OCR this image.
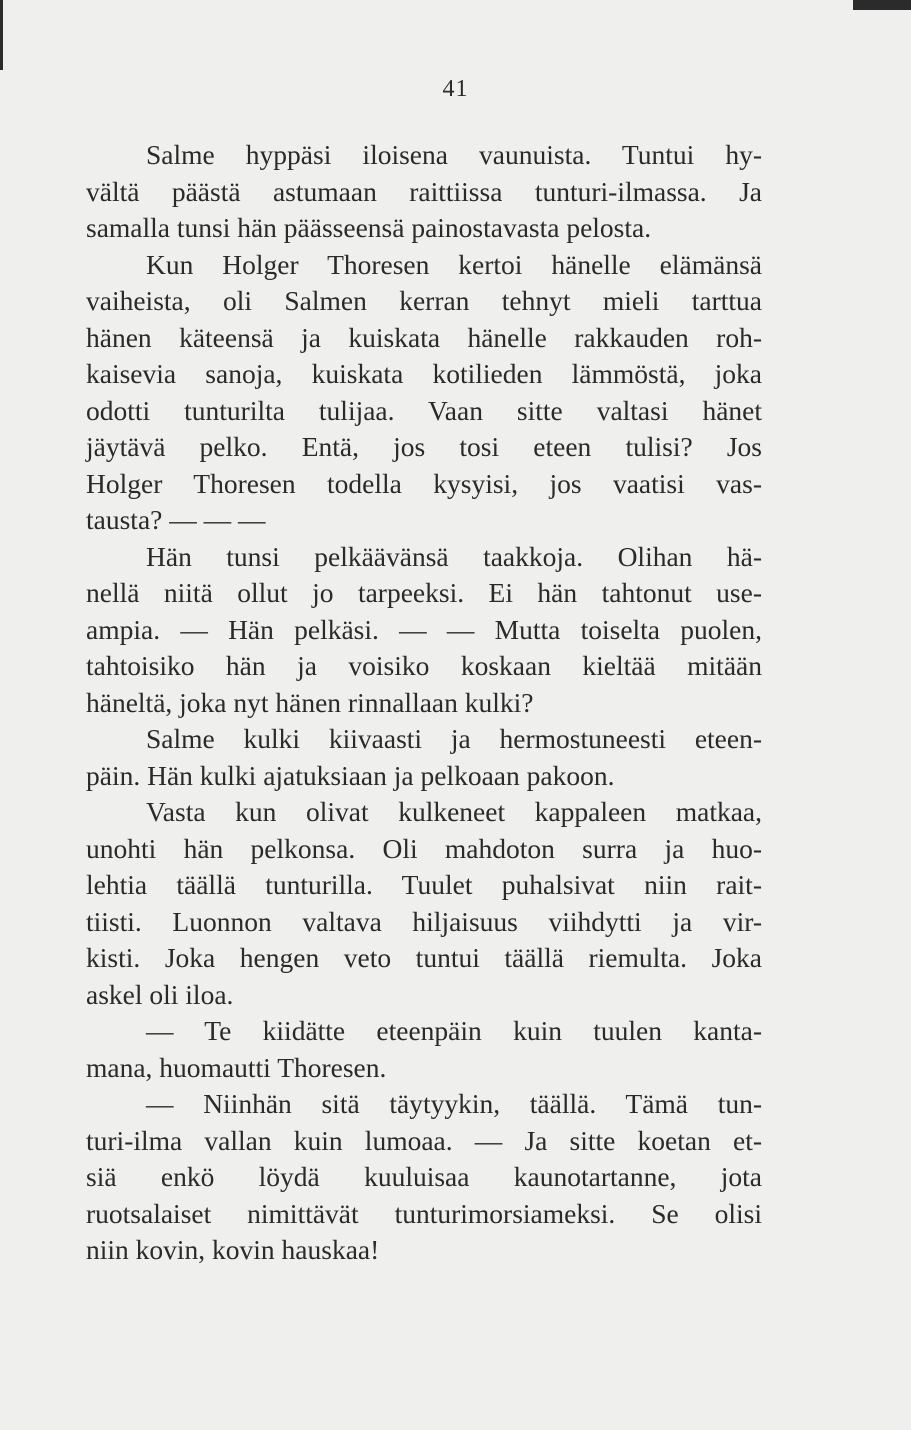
41
Salme hyppäsi iloisena vaunuista. Tuntui hy-
vältä päästä astumaan raittiissa tunturi-ilmassa. Ja
samalla tunsi hän päässeensä painostavasta pelosta.
Kun Holger Thoresen kertoi hänelle elämänsä
vaiheista, oli Salmen kerran tehnyt mieli tarttua
hänen käteensä ja kuiskata hänelle rakkauden roh-
kaisevia sanoja, kuiskata kotilieden lämmöstä, joka
odotti tunturilta tulijaa. Vaan sitte valtasi hänet
jäytävä pelko. Entä, jos tosi eteen tulisi? Jos
Holger Thoresen todella kysyisi, jos vaatisi vas-
tausta? — — —
Hän tunsi pelkäävänsä taakkoja. Olihan hä-
nellä niitä ollut jo tarpeeksi. Ei hän tahtonut use-
ampia. — Hän pelkäsi. — — Mutta toiselta puolen,
tahtoisiko hän ja voisiko koskaan kieltää mitään
häneltä, joka nyt hänen rinnallaan kulki?
Salme kulki kiivaasti ja hermostuneesti eteen-
päin. Hän kulki ajatuksiaan ja pelkoaan pakoon.
Vasta kun olivat kulkeneet kappaleen matkaa,
unohti hän pelkonsa. Oli mahdoton surra ja huo-
lehtia täällä tunturilla. Tuulet puhalsivat niin rait-
tiisti. Luonnon valtava hiljaisuus viihdytti ja vir-
kisti. Joka hengen veto tuntui täällä riemulta. Joka
askel oli iloa.
— Te kiidätte eteenpäin kuin tuulen kanta-
mana, huomautti Thoresen.
— Niinhän sitä täytyykin, täällä. Tämä tun-
turi-ilma vallan kuin lumoaa. — Ja sitte koetan et-
siä enkö löydä kuuluisaa kaunotartanne, jota
ruotsalaiset nimittävät tunturimorsiameksi. Se olisi
niin kovin, kovin hauskaa!
